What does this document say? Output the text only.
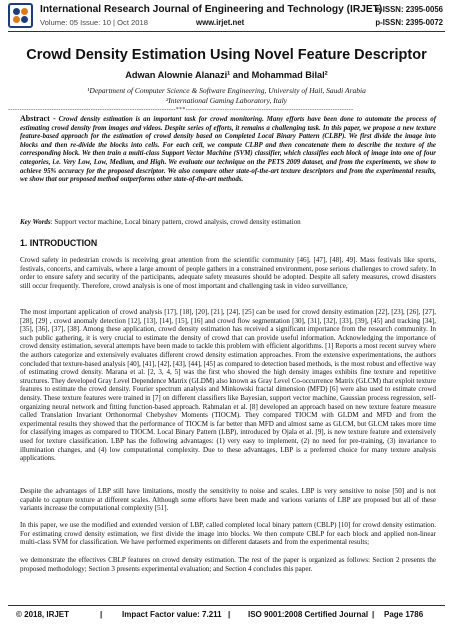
International Research Journal of Engineering and Technology (IRJET)
Volume: 05 Issue: 10 | Oct 2018	www.irjet.net
e-ISSN: 2395-0056
p-ISSN: 2395-0072
Crowd Density Estimation Using Novel Feature Descriptor
Adwan Alownie Alanazi¹ and Mohammad Bilal²
¹Department of Computer Science & Software Engineering, University of Hail, Saudi Arabia
²International Gaming Laboratory, Italy
-------------------------------------------------------------------------***-------------------------------------------------------------------------
Abstract - Crowd density estimation is an important task for crowd monitoring. Many efforts have been done to automate the process of estimating crowd density from images and videos. Despite series of efforts, it remains a challenging task. In this paper, we propose a new texture feature-based approach for the estimation of crowd density based on Completed Local Binary Pattern (CLBP). We first divide the image into blocks and then re-divide the blocks into cells. For each cell, we compute CLBP and then concatenate them to describe the texture of the corresponding block. We then train a multi-class Support Vector Machine (SVM) classifier, which classifies each block of image into one of four categories, i.e. Very Low, Low, Medium, and High. We evaluate our technique on the PETS 2009 dataset, and from the experiments, we show to achieve 95% accuracy for the proposed descriptor. We also compare other state-of-the-art texture descriptors and from the experimental results, we show that our proposed method outperforms other state-of-the-art methods.
Key Words: Support vector machine, Local binary pattern, crowd analysis, crowd density estimation
1. INTRODUCTION
Crowd safety in pedestrian crowds is receiving great attention from the scientific community [46], [47], [48], 49]. Mass festivals like sports, festivals, concerts, and carnivals, where a large amount of people gathers in a constrained environment, pose serious challenges to crowd safety. In order to ensure safety and security of the participants, adequate safety measures should be adopted. Despite all safety measures, crowd disasters still occur frequently. Therefore, crowd analysis is one of most important and challenging task in video surveillance,
The most important application of crowd analysis [17], [18], [20], [21], [24], [25] can be used for crowd density estimation [22], [23], [26], [27], [28], [29] , crowd anomaly detection [12], [13], [14], [15], [16] and crowd flow segmentation [30], [31], [32], [33], [39], [45] and tracking [34], [35], [36], [37], [38]. Among these application, crowd density estimation has received a significant importance from the research community. In such public gathering, it is very crucial to estimate the density of crowd that can provide useful information. Acknowledging the importance of crowd density estimation, several attempts have been made to tackle this problem with efficient algorithms. [1] Reports a most recent survey where the authors categorize and extensively evaluates different crowd density estimation approaches. From the extensive experimentations, the authors concluded that texture-based analysis [40], [41], [42], [43], [44], [45] as compared to detection based methods, is the most robust and effective way of estimating crowd density. Marana et al. [2, 3, 4, 5] was the first who showed the high density images exhibits fine texture and repetitive structures. They developed Gray Level Dependence Matrix (GLDM) also known as Gray Level Co-occurrence Matrix (GLCM) that exploit texture features to estimate the crowd density. Fourier spectrum analysis and Minkowski fractal dimension (MFD) [6] were also used to estimate crowd density. These texture features were trained in [7] on different classifiers like Bayesian, support vector machine, Gaussian process regression, self-organizing neural network and fitting function-based approach. Rahmalan et al. [8] developed an approach based on new texture feature measure called Translation Invariant Orthonormal Chebyshev Moments (TIOCM). They compared TIOCM with GLDM and MFD and from the experimental results they showed that the performance of TIOCM is far better than MFD and almost same as GLCM, but GLCM takes more time for classifying images as compared to TIOCM. Local Binary Pattern (LBP), introduced by Ojala et al. [9], is new texture feature and extensively used for texture classification. LBP has the following advantages: (1) very easy to implement, (2) no need for pre-training, (3) invariance to illumination changes, and (4) low computational complexity. Due to these advantages, LBP is a preferred choice for many texture analysis applications.
Despite the advantages of LBP still have limitations, mostly the sensitivity to noise and scales. LBP is very sensitive to noise [50] and is not capable to capture texture at different scales. Although some efforts have been made and various variants of LBP are proposed but all of these variants increase the computational complexity [51].
In this paper, we use the modified and extended version of LBP, called completed local binary pattern (CBLP) [10] for crowd density estimation. For estimating crowd density estimation, we first divide the image into blocks. We then compute CBLP for each block and applied non-linear multi-class SVM for classification. We have performed experiments on different datasets and from the experimental results;
we demonstrate the effectives CBLP features on crowd density estimation. The rest of the paper is organized as follows: Section 2 presents the proposed methodology; Section 3 presents experimental evaluation; and Section 4 concludes this paper.
© 2018, IRJET	| Impact Factor value: 7.211 | ISO 9001:2008 Certified Journal | Page 1786
